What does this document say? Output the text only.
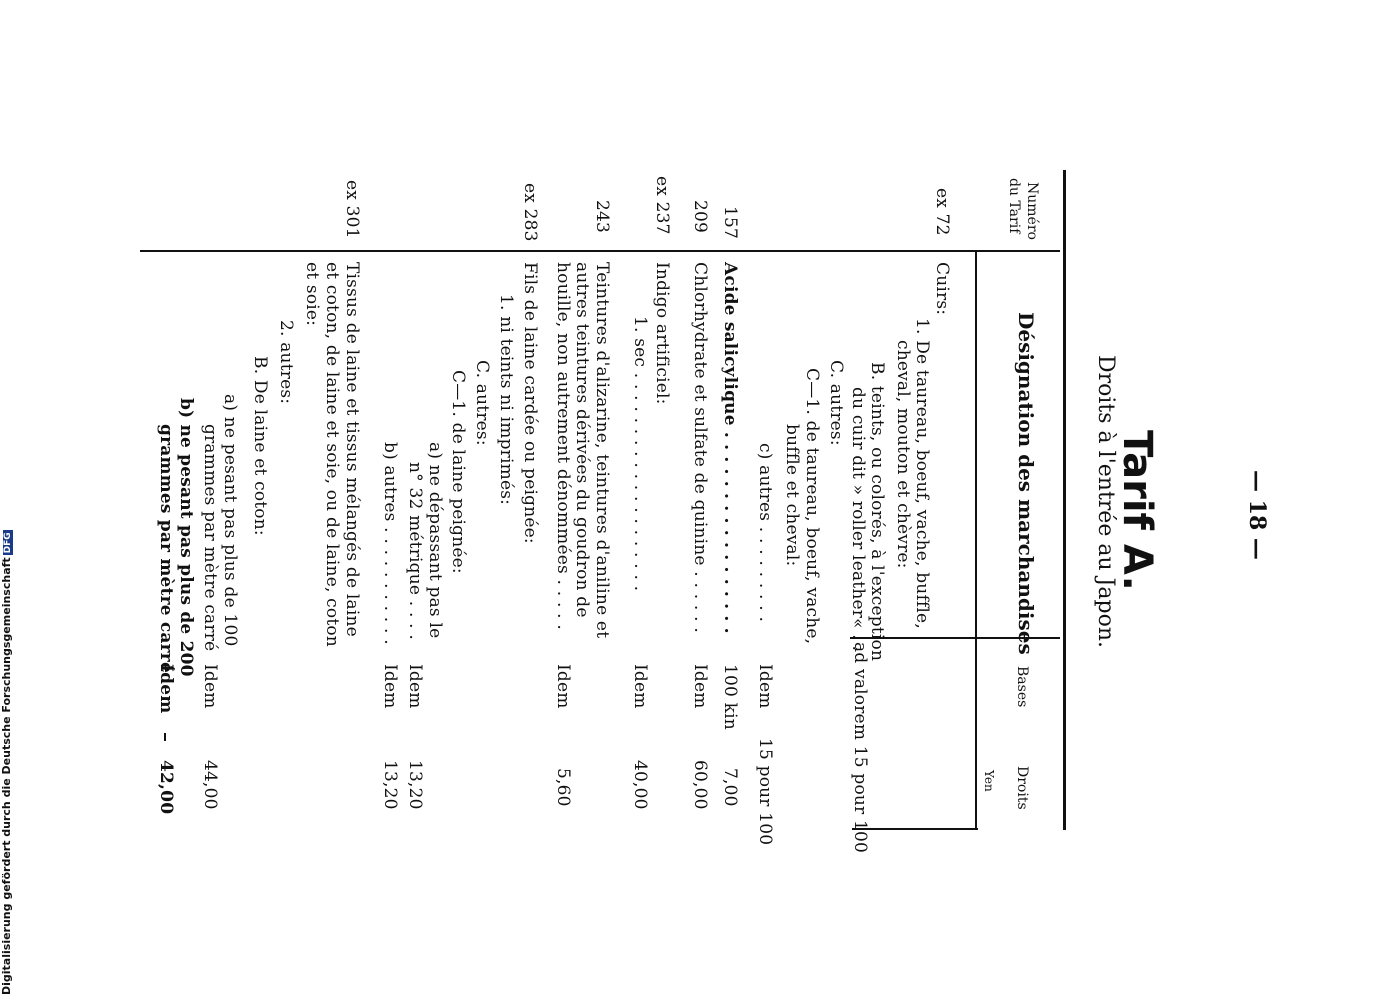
— 18 —
Tarif A.
Droits à l'entrée au Japon.
Numéro
du Tarif
Désignation des marchandises
Bases
Droits
Yen
ex 72
157
209
ex 237
243
ex 283
ex 301
Cuirs:
1. De taureau, boeuf, vache, buffle,
cheval, mouton et chèvre:
B. teints, ou colorés, à l'exception
du cuir dit » roller leather« . .
C. autres:
C—1. de taureau, boeuf, vache,
buffle et cheval:
c) autres . . . . . . . . .
Acide salicylique . . . . . . . . . . . . . . . . .
Chlorhydrate et sulfate de quinine . . . . . .
Indigo artificiel:
1. sec . . . . . . . . . . . . . . . . . . . .
Teintures d'alizarine, teintures d'aniline et
autres teintures dérivées du goudron de
houille, non autrement dénommées . . . . .
Fils de laine cardée ou peignée:
1. ni teints ni imprimés:
C. autres:
C—1. de laine peignée:
a) ne dépassant pas le
n° 32 métrique . . . .
b) autres . . . . . . . . . . .
Tissus de laine et tissus mélangés de laine
et coton, de laine et soie, ou de laine, coton
et soie:
2. autres:
B. De laine et coton:
a) ne pesant pas plus de 100
grammes par mètre carré
b) ne pesant pas plus de 200
grammes par mètre carré
ad valorem 15 pour 100
Idem
100 kin
Idem
Idem
Idem
Idem
Idem
Idem
Idem
15 pour 100
7,00
60,00
40,00
5,60
13,20
13,20
44,00
42,00
Digitalisierung gefördert durch die Deutsche ForschungsgemeinschaftDFG
